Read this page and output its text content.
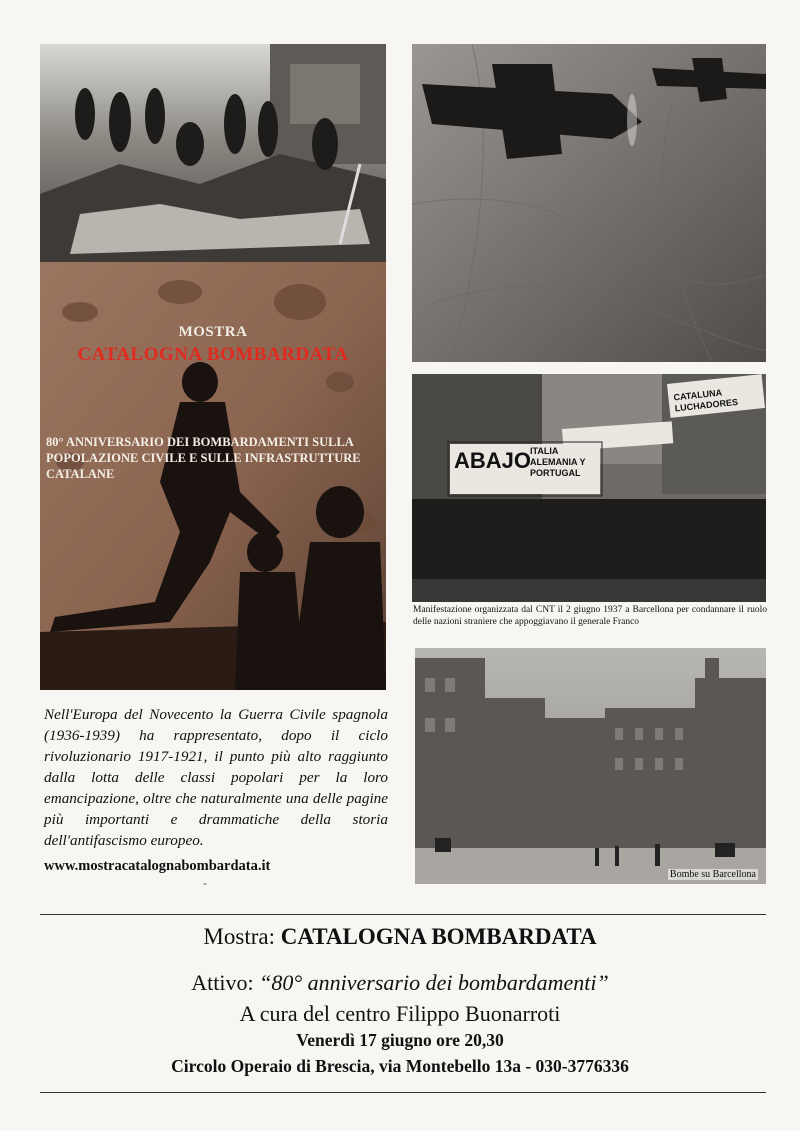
MOSTRA
CATALOGNA BOMBARDATA
80° ANNIVERSARIO DEI BOMBARDAMENTI SULLA POPOLAZIONE CIVILE E SULLE INFRASTRUTTURE CATALANE
ABAJO
ITALIA ALEMANIA Y PORTUGAL
CATALUNA LUCHADORES
Manifestazione organizzata dal CNT il 2 giugno 1937 a Barcellona per condannare il ruolo delle nazioni straniere che appoggiavano il generale Franco
Bombe su Barcellona
Nell'Europa del Novecento la Guerra Civile spagnola (1936-1939) ha rappresentato, dopo il ciclo rivoluzionario 1917-1921, il punto più alto raggiunto dalla lotta delle classi popolari per la loro emancipazione, oltre che naturalmente una delle pagine più importanti e drammatiche della storia dell'antifascismo europeo.
www.mostracatalognabombardata.it
-
Mostra: CATALOGNA BOMBARDATA
Attivo: “80° anniversario dei bombardamenti”
A cura del centro Filippo Buonarroti
Venerdì 17 giugno ore 20,30
Circolo Operaio di Brescia, via Montebello 13a - 030-3776336
